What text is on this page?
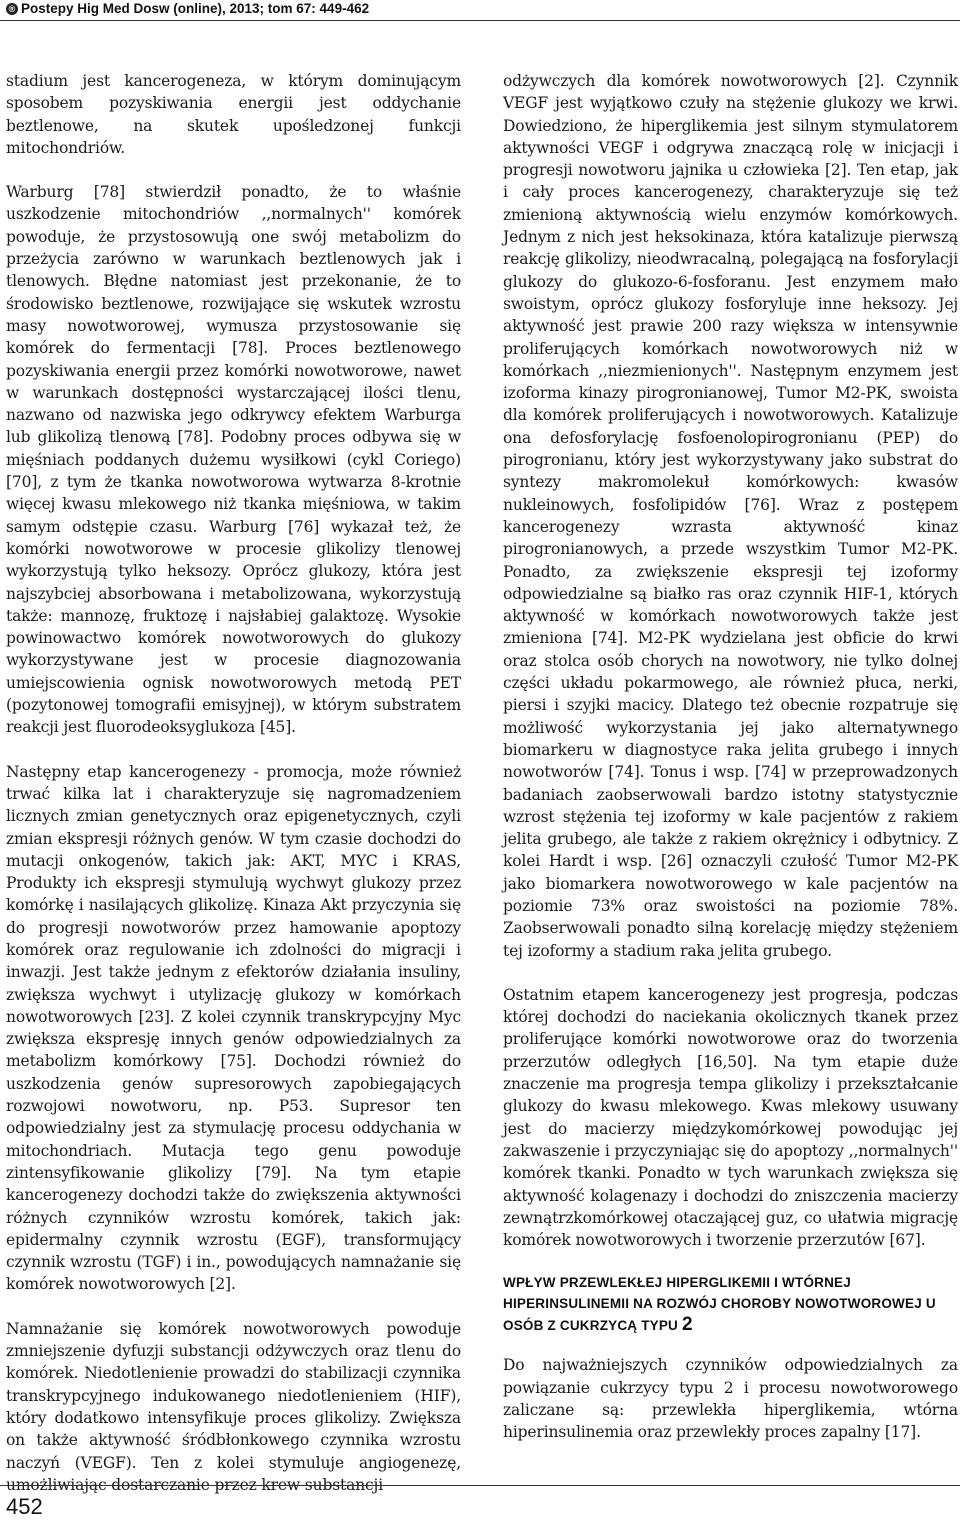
® Postepy Hig Med Dosw (online), 2013; tom 67: 449-462

stadium jest kancerogeneza, w którym dominującym sposobem pozyskiwania energii jest oddychanie beztlenowe, na skutek upośledzonej funkcji mitochondriów.

Warburg [78] stwierdził ponadto, że to właśnie uszkodzenie mitochondriów ,,normalnych'' komórek powoduje, że przystosowują one swój metabolizm do przeżycia zarówno w warunkach beztlenowych jak i tlenowych. Błędne natomiast jest przekonanie, że to środowisko beztlenowe, rozwijające się wskutek wzrostu masy nowotworowej, wymusza przystosowanie się komórek do fermentacji [78]. Proces beztlenowego pozyskiwania energii przez komórki nowotworowe, nawet w warunkach dostępności wystarczającej ilości tlenu, nazwano od nazwiska jego odkrywcy efektem Warburga lub glikolizą tlenową [78]. Podobny proces odbywa się w mięśniach poddanych dużemu wysiłkowi (cykl Coriego) [70], z tym że tkanka nowotworowa wytwarza 8-krotnie więcej kwasu mlekowego niż tkanka mięśniowa, w takim samym odstępie czasu. Warburg [76] wykazał też, że komórki nowotworowe w procesie glikolizy tlenowej wykorzystują tylko heksozy. Oprócz glukozy, która jest najszybciej absorbowana i metabolizowana, wykorzystują także: mannozę, fruktozę i najsłabiej galaktozę. Wysokie powinowactwo komórek nowotworowych do glukozy wykorzystywane jest w procesie diagnozowania umiejscowienia ognisk nowotworowych metodą PET (pozytonowej tomografii emisyjnej), w którym substratem reakcji jest fluorodeoksyglukoza [45].

Następny etap kancerogenezy - promocja, może również trwać kilka lat i charakteryzuje się nagromadzeniem licznych zmian genetycznych oraz epigenetycznych, czyli zmian ekspresji różnych genów. W tym czasie dochodzi do mutacji onkogenów, takich jak: AKT, MYC i KRAS, Produkty ich ekspresji stymulują wychwyt glukozy przez komórkę i nasilających glikolizę. Kinaza Akt przyczynia się do progresji nowotworów przez hamowanie apoptozy komórek oraz regulowanie ich zdolności do migracji i inwazji. Jest także jednym z efektorów działania insuliny, zwiększa wychwyt i utylizację glukozy w komórkach nowotworowych [23]. Z kolei czynnik transkrypcyjny Myc zwiększa ekspresję innych genów odpowiedzialnych za metabolizm komórkowy [75]. Dochodzi również do uszkodzenia genów supresorowych zapobiegających rozwojowi nowotworu, np. P53. Supresor ten odpowiedzialny jest za stymulację procesu oddychania w mitochondriach. Mutacja tego genu powoduje zintensyfikowanie glikolizy [79]. Na tym etapie kancerogenezy dochodzi także do zwiększenia aktywności różnych czynników wzrostu komórek, takich jak: epidermalny czynnik wzrostu (EGF), transformujący czynnik wzrostu (TGF) i in., powodujących namnażanie się komórek nowotworowych [2].

Namnażanie się komórek nowotworowych powoduje zmniejszenie dyfuzji substancji odżywczych oraz tlenu do komórek. Niedotlenienie prowadzi do stabilizacji czynnika transkrypcyjnego indukowanego niedotlenieniem (HIF), który dodatkowo intensyfikuje proces glikolizy. Zwiększa on także aktywność śródbłonkowego czynnika wzrostu naczyń (VEGF). Ten z kolei stymuluje angiogenezę, umożliwiając dostarczanie przez krew substancji

odżywczych dla komórek nowotworowych [2]. Czynnik VEGF jest wyjątkowo czuły na stężenie glukozy we krwi. Dowiedziono, że hiperglikemia jest silnym stymulatorem aktywności VEGF i odgrywa znaczącą rolę w inicjacji i progresji nowotworu jajnika u człowieka [2]. Ten etap, jak i cały proces kancerogenezy, charakteryzuje się też zmienioną aktywnością wielu enzymów komórkowych. Jednym z nich jest heksokinaza, która katalizuje pierwszą reakcję glikolizy, nieodwracalną, polegającą na fosforylacji glukozy do glukozo-6-fosforanu. Jest enzymem mało swoistym, oprócz glukozy fosforyluje inne heksozy. Jej aktywność jest prawie 200 razy większa w intensywnie proliferujących komórkach nowotworowych niż w komórkach ,,niezmienionych''. Następnym enzymem jest izoforma kinazy pirogronianowej, Tumor M2-PK, swoista dla komórek proliferujących i nowotworowych. Katalizuje ona defosforylację fosfoenolopirogronianu (PEP) do pirogronianu, który jest wykorzystywany jako substrat do syntezy makromolekuł komórkowych: kwasów nukleinowych, fosfolipidów [76]. Wraz z postępem kancerogenezy wzrasta aktywność kinaz pirogronianowych, a przede wszystkim Tumor M2-PK. Ponadto, za zwiększenie ekspresji tej izoformy odpowiedzialne są białko ras oraz czynnik HIF-1, których aktywność w komórkach nowotworowych także jest zmieniona [74]. M2-PK wydzielana jest obficie do krwi oraz stolca osób chorych na nowotwory, nie tylko dolnej części układu pokarmowego, ale również płuca, nerki, piersi i szyjki macicy. Dlatego też obecnie rozpatruje się możliwość wykorzystania jej jako alternatywnego biomarkeru w diagnostyce raka jelita grubego i innych nowotworów [74]. Tonus i wsp. [74] w przeprowadzonych badaniach zaobserwowali bardzo istotny statystycznie wzrost stężenia tej izoformy w kale pacjentów z rakiem jelita grubego, ale także z rakiem okrężnicy i odbytnicy. Z kolei Hardt i wsp. [26] oznaczyli czułość Tumor M2-PK jako biomarkera nowotworowego w kale pacjentów na poziomie 73% oraz swoistości na poziomie 78%. Zaobserwowali ponadto silną korelację między stężeniem tej izoformy a stadium raka jelita grubego.

Ostatnim etapem kancerogenezy jest progresja, podczas której dochodzi do naciekania okolicznych tkanek przez proliferujące komórki nowotworowe oraz do tworzenia przerzutów odległych [16,50]. Na tym etapie duże znaczenie ma progresja tempa glikolizy i przekształcanie glukozy do kwasu mlekowego. Kwas mlekowy usuwany jest do macierzy międzykomórkowej powodując jej zakwaszenie i przyczyniając się do apoptozy ,,normalnych'' komórek tkanki. Ponadto w tych warunkach zwiększa się aktywność kolagenazy i dochodzi do zniszczenia macierzy zewnątrzkomórkowej otaczającej guz, co ułatwia migrację komórek nowotworowych i tworzenie przerzutów [67].

WPŁYW PRZEWLEKŁEJ HIPERGLIKEMII I WTÓRNEJ HIPERINSULINEMII NA ROZWÓJ CHOROBY NOWOTWOROWEJ U OSÓB Z CUKRZYCĄ TYPU 2

Do najważniejszych czynników odpowiedzialnych za powiązanie cukrzycy typu 2 i procesu nowotworowego zaliczane są: przewlekła hiperglikemia, wtórna hiperinsulinemia oraz przewlekły proces zapalny [17].

452
